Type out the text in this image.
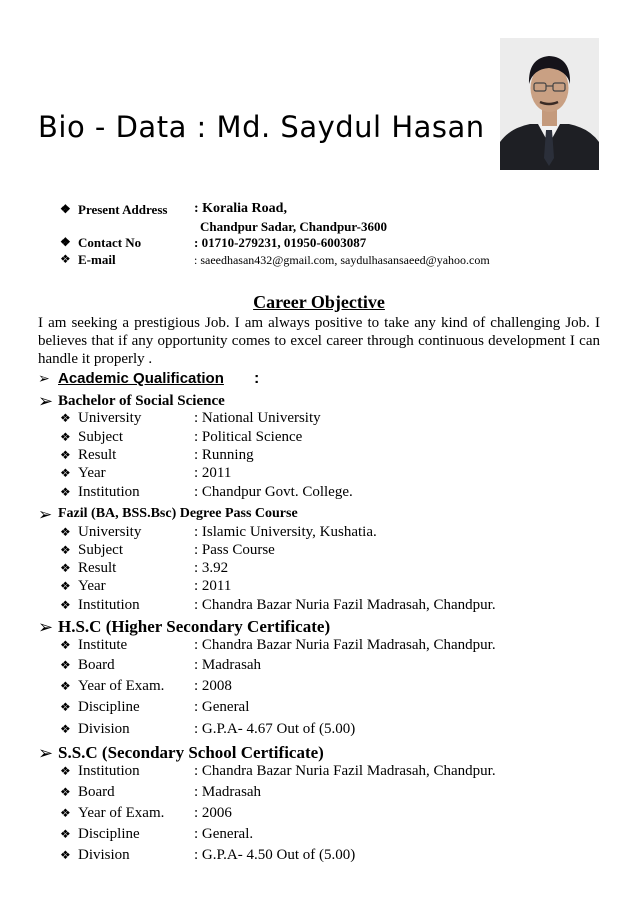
Bio - Data : Md. Saydul Hasan
❖ Present Address : Koralia Road,
Chandpur Sadar, Chandpur-3600
❖ Contact No	: 01710-279231, 01950-6003087
❖ E-mail	: saeedhasan432@gmail.com, saydulhasansaeed@yahoo.com
Career Objective
I am seeking a prestigious Job. I am always positive to take any kind of challenging Job. I believes that if any opportunity comes to excel career through continuous development I can handle it properly .
➢ Academic Qualification :
➢ Bachelor of Social Science
❖ University	: National University
❖ Subject	: Political Science
❖ Result	: Running
❖ Year	: 2011
❖ Institution	: Chandpur Govt. College.
➢ Fazil (BA, BSS.Bsc) Degree Pass Course
❖ University	: Islamic University, Kushatia.
❖ Subject	: Pass Course
❖ Result	: 3.92
❖ Year	: 2011
❖ Institution	: Chandra Bazar Nuria Fazil Madrasah, Chandpur.
➢ H.S.C (Higher Secondary Certificate)
❖ Institute	: Chandra Bazar Nuria Fazil Madrasah, Chandpur.
❖ Board	: Madrasah
❖ Year of Exam. : 2008
❖ Discipline	: General
❖ Division	: G.P.A- 4.67 Out of (5.00)
➢ S.S.C (Secondary School Certificate)
❖ Institution	: Chandra Bazar Nuria Fazil Madrasah, Chandpur.
❖ Board	: Madrasah
❖ Year of Exam. : 2006
❖ Discipline	: General.
❖ Division	: G.P.A- 4.50 Out of (5.00)
